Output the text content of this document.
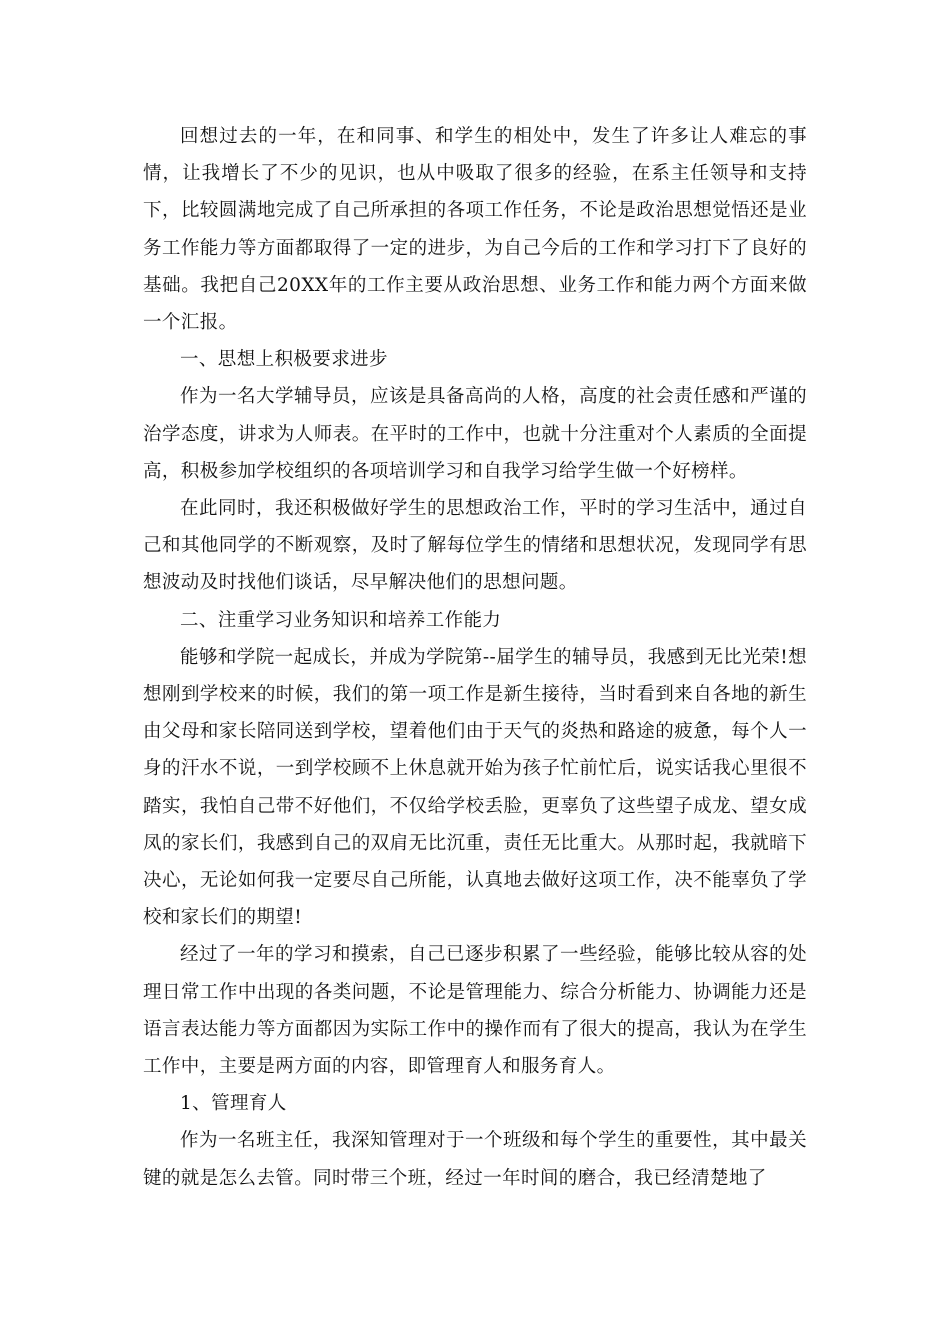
回想过去的一年，在和同事、和学生的相处中，发生了许多让人难忘的事情，让我增长了不少的见识，也从中吸取了很多的经验，在系主任领导和支持下，比较圆满地完成了自己所承担的各项工作任务，不论是政治思想觉悟还是业务工作能力等方面都取得了一定的进步，为自己今后的工作和学习打下了良好的基础。我把自己20XX年的工作主要从政治思想、业务工作和能力两个方面来做一个汇报。

一、思想上积极要求进步

作为一名大学辅导员，应该是具备高尚的人格，高度的社会责任感和严谨的治学态度，讲求为人师表。在平时的工作中，也就十分注重对个人素质的全面提高，积极参加学校组织的各项培训学习和自我学习给学生做一个好榜样。

在此同时，我还积极做好学生的思想政治工作，平时的学习生活中，通过自己和其他同学的不断观察，及时了解每位学生的情绪和思想状况，发现同学有思想波动及时找他们谈话，尽早解决他们的思想问题。

二、注重学习业务知识和培养工作能力

能够和学院一起成长，并成为学院第--届学生的辅导员，我感到无比光荣!想想刚到学校来的时候，我们的第一项工作是新生接待，当时看到来自各地的新生由父母和家长陪同送到学校，望着他们由于天气的炎热和路途的疲惫，每个人一身的汗水不说，一到学校顾不上休息就开始为孩子忙前忙后，说实话我心里很不踏实，我怕自己带不好他们，不仅给学校丢脸，更辜负了这些望子成龙、望女成凤的家长们，我感到自己的双肩无比沉重，责任无比重大。从那时起，我就暗下决心，无论如何我一定要尽自己所能，认真地去做好这项工作，决不能辜负了学校和家长们的期望!

经过了一年的学习和摸索，自己已逐步积累了一些经验，能够比较从容的处理日常工作中出现的各类问题，不论是管理能力、综合分析能力、协调能力还是语言表达能力等方面都因为实际工作中的操作而有了很大的提高，我认为在学生工作中，主要是两方面的内容，即管理育人和服务育人。

1、管理育人

作为一名班主任，我深知管理对于一个班级和每个学生的重要性，其中最关键的就是怎么去管。同时带三个班，经过一年时间的磨合，我已经清楚地了
